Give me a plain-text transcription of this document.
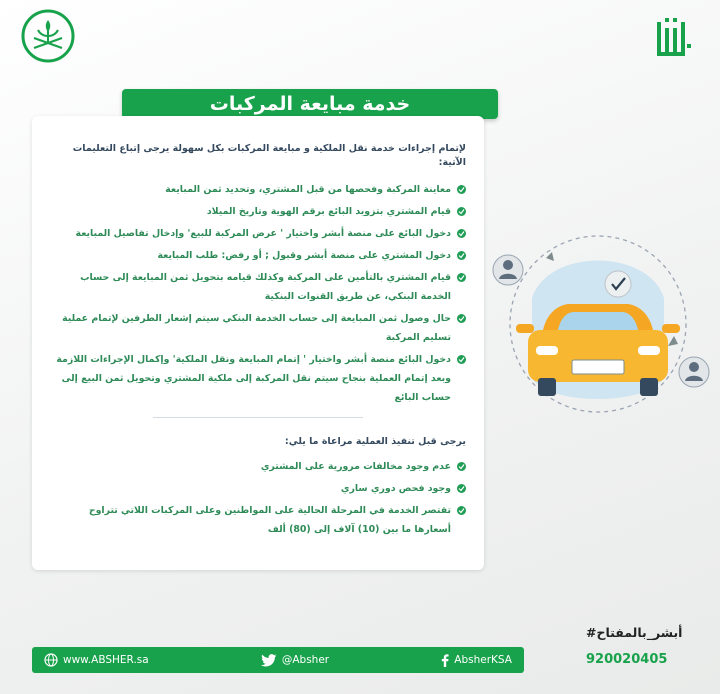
خدمة مبايعة المركبات
لإتمام إجراءات خدمة نقل الملكية و مبايعة المركبات بكل سهولة يرجى إتباع التعليمات الآتية:
معاينة المركبة وفحصها من قبل المشتري، وتحديد ثمن المبايعة
قيام المشتري بتزويد البائع برقم الهوية وتاريخ الميلاد
دخول البائع على منصة أبشر واختيار ' عرض المركبة للبيع' وإدخال تفاصيل المبايعة
دخول المشتري على منصة أبشر وقبول ; أو رفض: طلب المبايعة
قيام المشتري بالتأمين على المركبة وكذلك قيامه بتحويل ثمن المبايعة إلى حساب الخدمة البنكي، عن طريق القنوات البنكية
حال وصول ثمن المبايعة إلى حساب الخدمة البنكي سيتم إشعار الطرفين لإتمام عملية تسليم المركبة
دخول البائع منصة أبشر واختيار ' إتمام المبايعة ونقل الملكية' وإكمال الإجراءات اللازمة وبعد إتمام العملية بنجاح سيتم نقل المركبة إلى ملكية المشتري وتحويل ثمن البيع إلى حساب البائع
يرجى قبل تنفيذ العملية مراعاة ما يلي:
عدم وجود مخالفات مرورية على المشتري
وجود فحص دوري ساري
تقتصر الخدمة في المرحلة الحالية على المواطنين وعلى المركبات اللاتي تتراوح أسعارها ما بين (10) آلاف إلى (80) ألف
#أبشر_بالمفتاح
920020405
www.ABSHER.sa	@Absher	AbsherKSA
